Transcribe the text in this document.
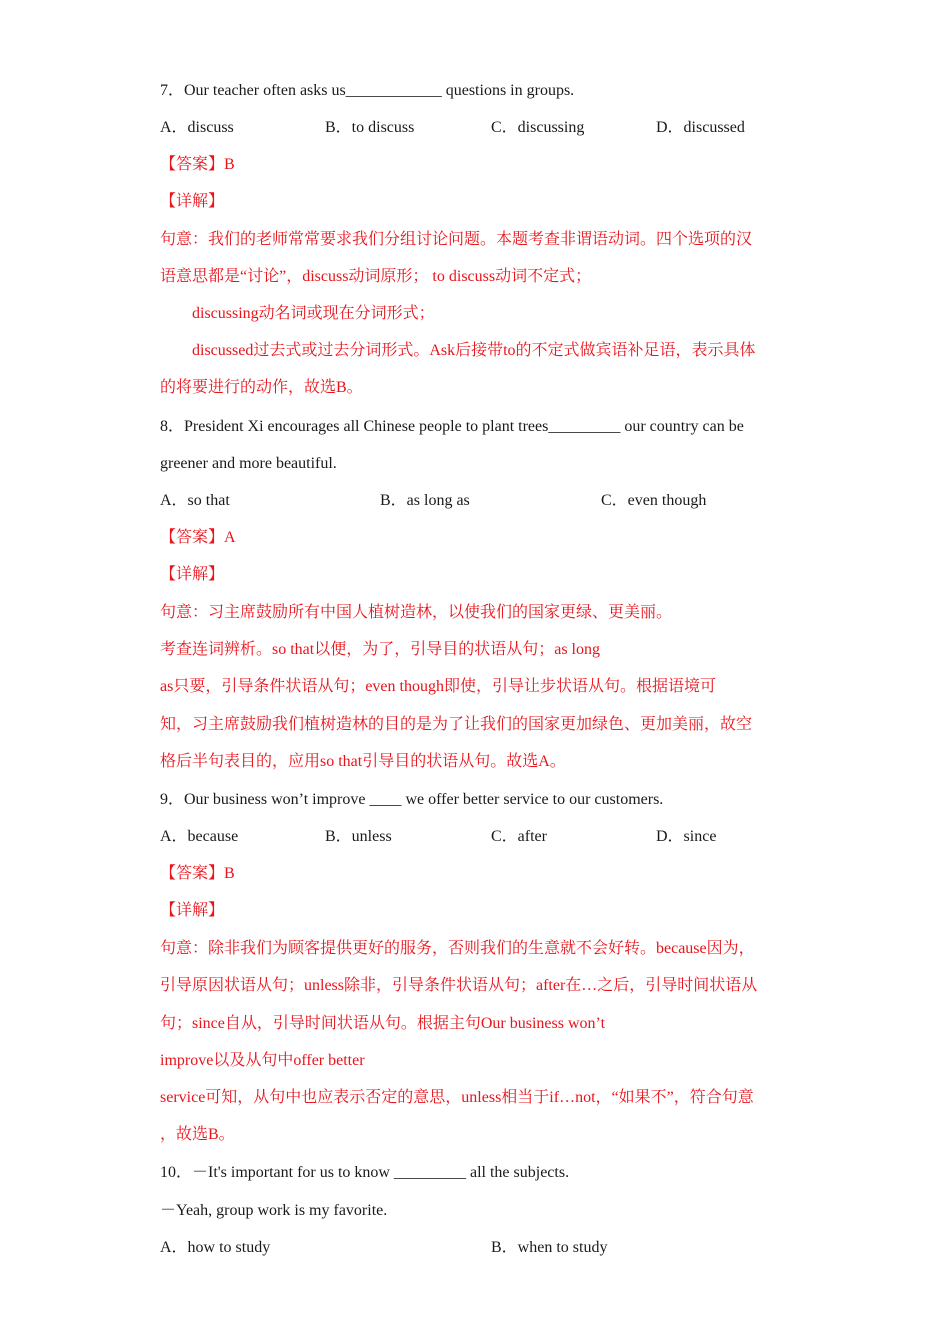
7．Our teacher often asks us____________ questions in groups.
A．discuss	B．to discuss	C．discussing	D．discussed
【答案】B
【详解】
句意：我们的老师常常要求我们分组讨论问题。本题考查非谓语动词。四个选项的汉
语意思都是“讨论”，discuss动词原形； to discuss动词不定式；
discussing动名词或现在分词形式；
discussed过去式或过去分词形式。Ask后接带to的不定式做宾语补足语，表示具体
的将要进行的动作，故选B。
8．President Xi encourages all Chinese people to plant trees_________ our country can be
greener and more beautiful.
A．so that	B．as long as	C．even though
【答案】A
【详解】
句意：习主席鼓励所有中国人植树造林，以使我们的国家更绿、更美丽。
考查连词辨析。so that以便，为了，引导目的状语从句；as long
as只要，引导条件状语从句；even though即使，引导让步状语从句。根据语境可
知，习主席鼓励我们植树造林的目的是为了让我们的国家更加绿色、更加美丽，故空
格后半句表目的，应用so that引导目的状语从句。故选A。
9．Our business won’t improve ____ we offer better service to our customers.
A．because	B．unless	C．after	D．since
【答案】B
【详解】
句意：除非我们为顾客提供更好的服务，否则我们的生意就不会好转。because因为，
引导原因状语从句；unless除非，引导条件状语从句；after在…之后，引导时间状语从
句；since自从，引导时间状语从句。根据主句Our business won’t
improve以及从句中offer better
service可知，从句中也应表示否定的意思，unless相当于if…not，“如果不”，符合句意
，故选B。
10．－It's important for us to know _________ all the subjects.
－Yeah, group work is my favorite.
A．how to study	B．when to study
